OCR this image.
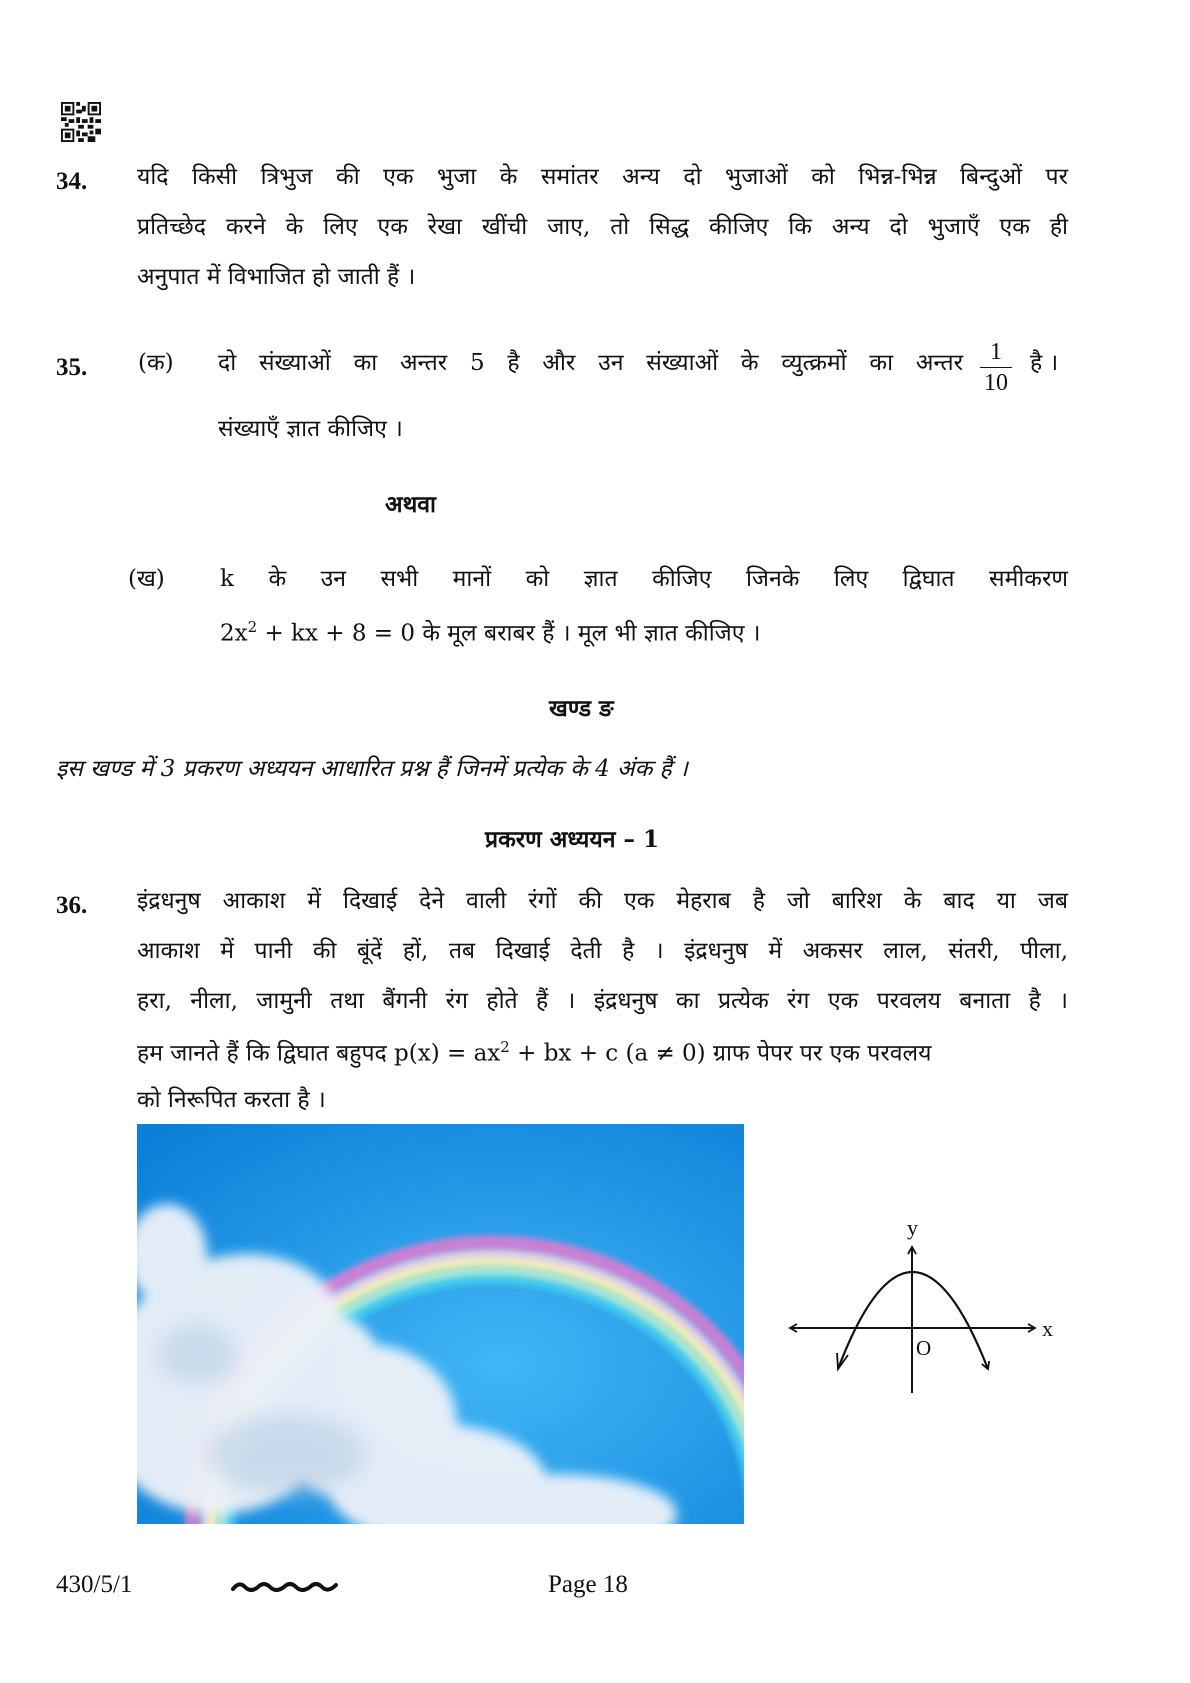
34. यदि किसी त्रिभुज की एक भुजा के समांतर अन्य दो भुजाओं को भिन्न-भिन्न बिन्दुओं पर
प्रतिच्छेद करने के लिए एक रेखा खींची जाए, तो सिद्ध कीजिए कि अन्य दो भुजाएँ एक ही
अनुपात में विभाजित हो जाती हैं ।
35. (क) दो संख्याओं का अन्तर 5 है और उन संख्याओं के व्युत्क्रमों का अन्तर $\frac{1}{10}$ है ।
संख्याएँ ज्ञात कीजिए ।
अथवा
(ख) k के उन सभी मानों को ज्ञात कीजिए जिनके लिए द्विघात समीकरण
$2x^2$ + kx + 8 = 0 के मूल बराबर हैं । मूल भी ज्ञात कीजिए ।
खण्ड ङ
इस खण्ड में 3 प्रकरण अध्ययन आधारित प्रश्न हैं जिनमें प्रत्येक के 4 अंक हैं ।
प्रकरण अध्ययन – 1
36. इंद्रधनुष आकाश में दिखाई देने वाली रंगों की एक मेहराब है जो बारिश के बाद या जब
आकाश में पानी की बूंदें हों, तब दिखाई देती है । इंद्रधनुष में अकसर लाल, संतरी, पीला,
हरा, नीला, जामुनी तथा बैंगनी रंग होते हैं । इंद्रधनुष का प्रत्येक रंग एक परवलय बनाता है ।
हम जानते हैं कि द्विघात बहुपद $p(x) = ax^2$ + bx + c (a ≠ 0) ग्राफ पेपर पर एक परवलय
को निरूपित करता है ।
y
x
O
430/5/1	Page 18
